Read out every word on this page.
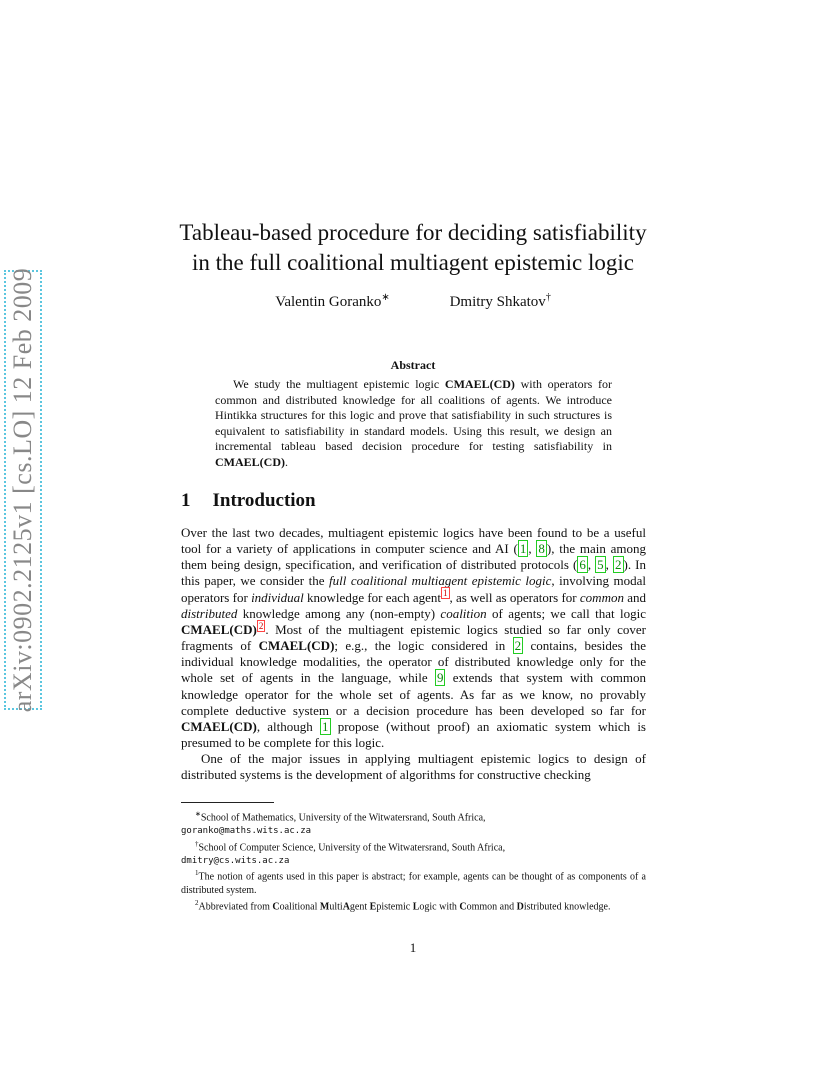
arXiv:0902.2125v1 [cs.LO] 12 Feb 2009
Tableau-based procedure for deciding satisfiability
in the full coalitional multiagent epistemic logic
Valentin Goranko∗	Dmitry Shkatov†
Abstract
We study the multiagent epistemic logic CMAEL(CD) with operators for common and distributed knowledge for all coalitions of agents. We introduce Hintikka structures for this logic and prove that satisfiability in such structures is equivalent to satisfiability in standard models. Using this result, we design an incremental tableau based decision procedure for testing satisfiability in CMAEL(CD).
1 Introduction

Over the last two decades, multiagent epistemic logics have been found to be a useful tool for a variety of applications in computer science and AI ( 1 , 8 ), the main among them being design, specification, and verification of distributed protocols ( 6 , 5 , 2 ). In this paper, we consider the full coalitional multiagent epistemic logic, involving modal operators for individual knowledge for each agent $^1$ , as well as operators for common and distributed knowledge among any (non-empty) coalition of agents; we call that logic CMAEL(CD) $^2$ . Most of the multiagent epistemic logics studied so far only cover fragments of CMAEL(CD); e.g., the logic considered in 2 contains, besides the individual knowledge modalities, the operator of distributed knowledge only for the whole set of agents in the language, while 9 extends that system with common knowledge operator for the whole set of agents. As far as we know, no provably complete deductive system or a decision procedure has been developed so far for CMAEL(CD), although 1 propose (without proof) an axiomatic system which is presumed to be complete for this logic.

One of the major issues in applying multiagent epistemic logics to design of distributed systems is the development of algorithms for constructive checking

∗School of Mathematics, University of the Witwatersrand, South Africa,
goranko@maths.wits.ac.za

†School of Computer Science, University of the Witwatersrand, South Africa,
dmitry@cs.wits.ac.za

$^1$The notion of agents used in this paper is abstract; for example, agents can be thought of as components of a distributed system.

$^2$Abbreviated from Coalitional MultiAgent Epistemic Logic with Common and Distributed knowledge.

1
